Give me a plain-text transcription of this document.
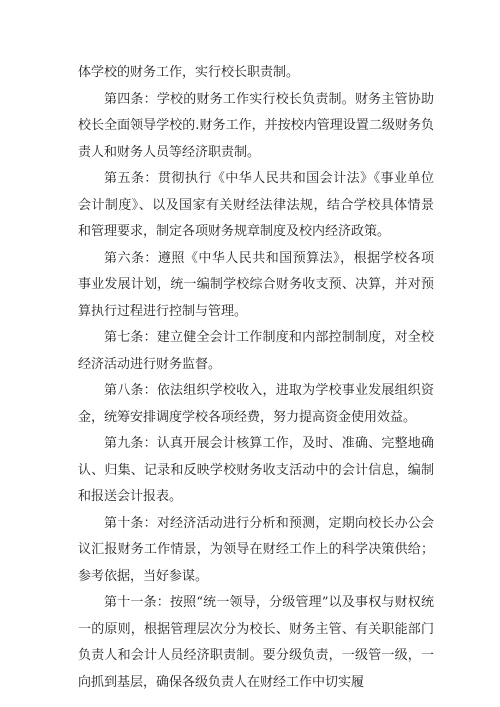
体学校的财务工作，实行校长职责制。

第四条：学校的财务工作实行校长负责制。财务主管协助校长全面领导学校的.财务工作，并按校内管理设置二级财务负责人和财务人员等经济职责制。

第五条：贯彻执行《中华人民共和国会计法》《事业单位会计制度》、以及国家有关财经法律法规，结合学校具体情景和管理要求，制定各项财务规章制度及校内经济政策。

第六条：遵照《中华人民共和国预算法》，根据学校各项事业发展计划，统一编制学校综合财务收支预、决算，并对预算执行过程进行控制与管理。

第七条：建立健全会计工作制度和内部控制制度，对全校经济活动进行财务监督。

第八条：依法组织学校收入，进取为学校事业发展组织资金，统筹安排调度学校各项经费，努力提高资金使用效益。

第九条：认真开展会计核算工作，及时、准确、完整地确认、归集、记录和反映学校财务收支活动中的会计信息，编制和报送会计报表。

第十条：对经济活动进行分析和预测，定期向校长办公会议汇报财务工作情景，为领导在财经工作上的科学决策供给；参考依据，当好参谋。

第十一条：按照“统一领导，分级管理”以及事权与财权统一的原则，根据管理层次分为校长、财务主管、有关职能部门负责人和会计人员经济职责制。要分级负责，一级管一级，一向抓到基层，确保各级负责人在财经工作中切实履
